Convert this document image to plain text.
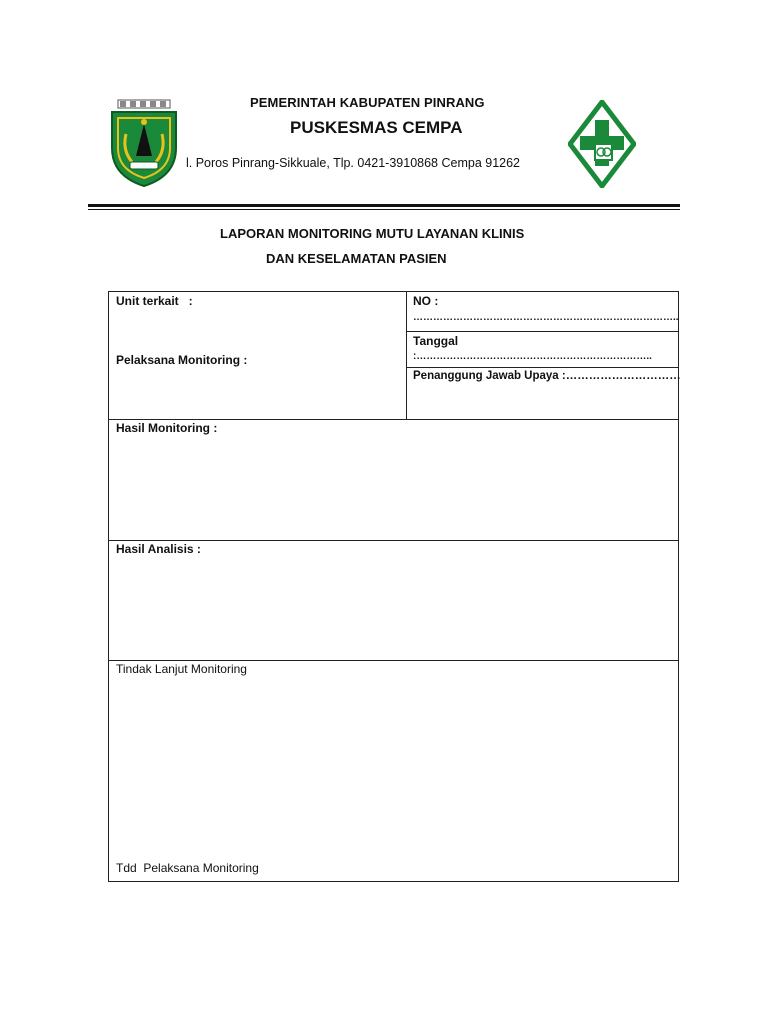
PEMERINTAH KABUPATEN PINRANG
PUSKESMAS CEMPA
l. Poros Pinrang-Sikkuale, Tlp. 0421-3910868 Cempa 91262
LAPORAN MONITORING MUTU LAYANAN KLINIS
DAN KESELAMATAN PASIEN
Unit terkait   :
Pelaksana Monitoring :
NO :
……………………………………………………………………..
Tanggal
:……………………………………………………………..
Penanggung Jawab Upaya :…………………………
Hasil Monitoring :
Hasil Analisis :
Tindak Lanjut Monitoring
Tdd  Pelaksana Monitoring
